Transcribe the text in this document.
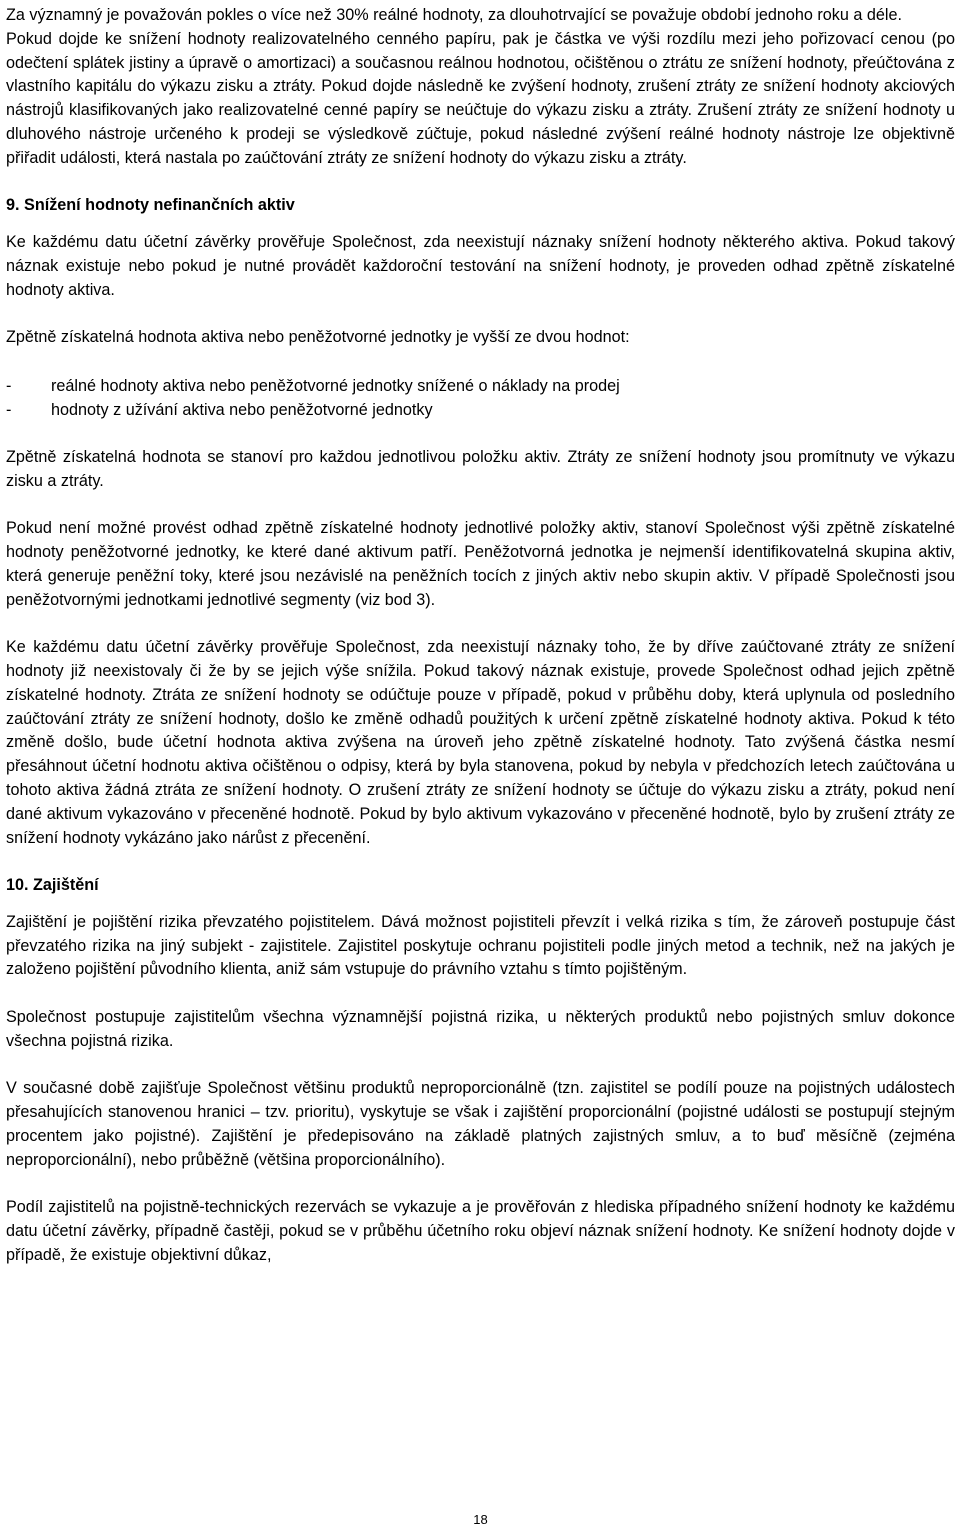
Za významný je považován pokles o více než 30% reálné hodnoty, za dlouhotrvající se považuje období jednoho roku a déle.

Pokud dojde ke snížení hodnoty realizovatelného cenného papíru, pak je částka ve výši rozdílu mezi jeho pořizovací cenou (po odečtení splátek jistiny a úpravě o amortizaci) a současnou reálnou hodnotou, očištěnou o ztrátu ze snížení hodnoty, přeúčtována z vlastního kapitálu do výkazu zisku a ztráty. Pokud dojde následně ke zvýšení hodnoty, zrušení ztráty ze snížení hodnoty akciových nástrojů klasifikovaných jako realizovatelné cenné papíry se neúčtuje do výkazu zisku a ztráty. Zrušení ztráty ze snížení hodnoty u dluhového nástroje určeného k prodeji se výsledkově zúčtuje, pokud následné zvýšení reálné hodnoty nástroje lze objektivně přiřadit události, která nastala po zaúčtování ztráty ze snížení hodnoty do výkazu zisku a ztráty.

9. Snížení hodnoty nefinančních aktiv

Ke každému datu účetní závěrky prověřuje Společnost, zda neexistují náznaky snížení hodnoty některého aktiva. Pokud takový náznak existuje nebo pokud je nutné provádět každoroční testování na snížení hodnoty, je proveden odhad zpětně získatelné hodnoty aktiva.

Zpětně získatelná hodnota aktiva nebo peněžotvorné jednotky je vyšší ze dvou hodnot:

-	reálné hodnoty aktiva nebo peněžotvorné jednotky snížené o náklady na prodej
-	hodnoty z užívání aktiva nebo peněžotvorné jednotky

Zpětně získatelná hodnota se stanoví pro každou jednotlivou položku aktiv. Ztráty ze snížení hodnoty jsou promítnuty ve výkazu zisku a ztráty.

Pokud není možné provést odhad zpětně získatelné hodnoty jednotlivé položky aktiv, stanoví Společnost výši zpětně získatelné hodnoty peněžotvorné jednotky, ke které dané aktivum patří. Peněžotvorná jednotka je nejmenší identifikovatelná skupina aktiv, která generuje peněžní toky, které jsou nezávislé na peněžních tocích z jiných aktiv nebo skupin aktiv. V případě Společnosti jsou peněžotvornými jednotkami jednotlivé segmenty (viz bod 3).

Ke každému datu účetní závěrky prověřuje Společnost, zda neexistují náznaky toho, že by dříve zaúčtované ztráty ze snížení hodnoty již neexistovaly či že by se jejich výše snížila. Pokud takový náznak existuje, provede Společnost odhad jejich zpětně získatelné hodnoty. Ztráta ze snížení hodnoty se odúčtuje pouze v případě, pokud v průběhu doby, která uplynula od posledního zaúčtování ztráty ze snížení hodnoty, došlo ke změně odhadů použitých k určení zpětně získatelné hodnoty aktiva. Pokud k této změně došlo, bude účetní hodnota aktiva zvýšena na úroveň jeho zpětně získatelné hodnoty. Tato zvýšená částka nesmí přesáhnout účetní hodnotu aktiva očištěnou o odpisy, která by byla stanovena, pokud by nebyla v předchozích letech zaúčtována u tohoto aktiva žádná ztráta ze snížení hodnoty. O zrušení ztráty ze snížení hodnoty se účtuje do výkazu zisku a ztráty, pokud není dané aktivum vykazováno v přeceněné hodnotě. Pokud by bylo aktivum vykazováno v přeceněné hodnotě, bylo by zrušení ztráty ze snížení hodnoty vykázáno jako nárůst z přecenění.

10. Zajištění

Zajištění je pojištění rizika převzatého pojistitelem. Dává možnost pojistiteli převzít i velká rizika s tím, že zároveň postupuje část převzatého rizika na jiný subjekt - zajistitele. Zajistitel poskytuje ochranu pojistiteli podle jiných metod a technik, než na jakých je založeno pojištění původního klienta, aniž sám vstupuje do právního vztahu s tímto pojištěným.

Společnost postupuje zajistitelům všechna významnější pojistná rizika, u některých produktů nebo pojistných smluv dokonce všechna pojistná rizika.

V současné době zajišťuje Společnost většinu produktů neproporcionálně (tzn. zajistitel se podílí pouze na pojistných událostech přesahujících stanovenou hranici – tzv. prioritu), vyskytuje se však i zajištění proporcionální (pojistné události se postupují stejným procentem jako pojistné). Zajištění je předepisováno na základě platných zajistných smluv, a to buď měsíčně (zejména neproporcionální), nebo průběžně (většina proporcionálního).

Podíl zajistitelů na pojistně-technických rezervách se vykazuje a je prověřován z hlediska případného snížení hodnoty ke každému datu účetní závěrky, případně častěji, pokud se v průběhu účetního roku objeví náznak snížení hodnoty. Ke snížení hodnoty dojde v případě, že existuje objektivní důkaz,

18
